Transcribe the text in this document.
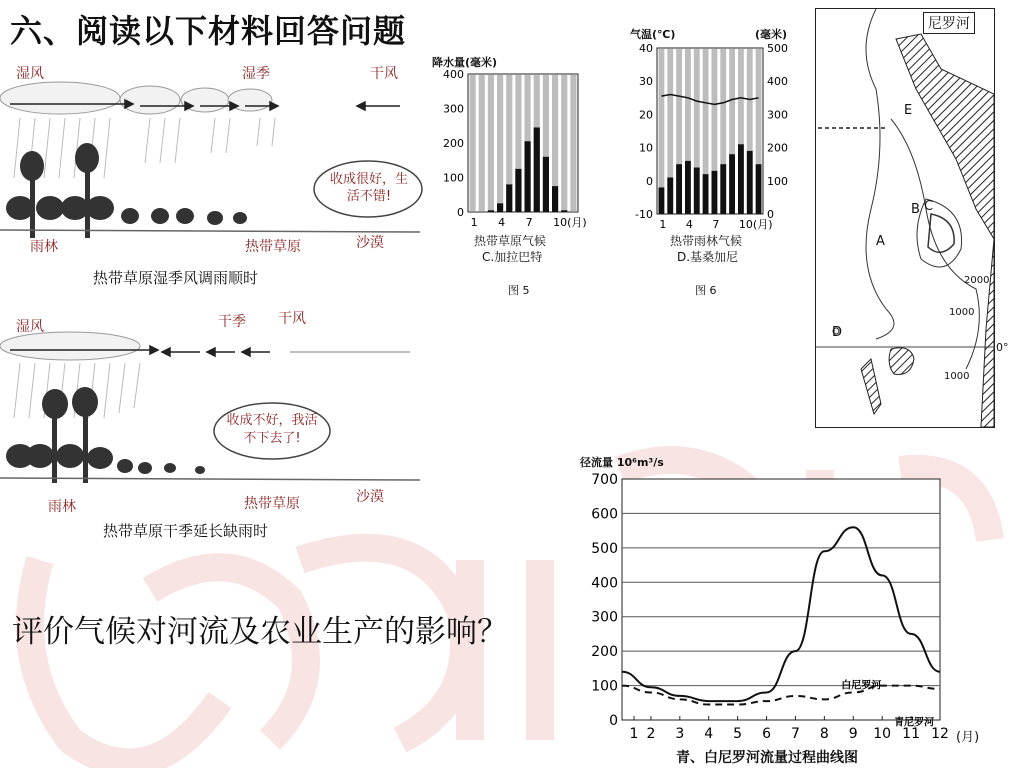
六、阅读以下材料回答问题
湿风	湿季	干风
收成很好，生活不错!
雨林	热带草原	沙漠
热带草原湿季风调雨顺时
湿风	干季 干风
收成不好，我活不下去了!
雨林	热带草原	沙漠
热带草原干季延长缺雨时
降水量(毫米)
400
300
200
100
0
1 4 7 10(月)
热带草原气候
C.加拉巴特
图 5
气温(℃)	(毫米)
40
30
20
10
0
-10
500
400
300
200
100
0
1 4 7 10(月)
热带雨林气候
D.基桑加尼
图 6
尼罗河
E
B C
A
D
2000
1000
1000
0°
评价气候对河流及农业生产的影响？
径流量 10⁶m³/s
0
100
200
300
400
500
600
700
1 2 3 4 5 6 7 8 9 10 11 12
青尼罗河
白尼罗河
(月)
青、白尼罗河流量过程曲线图
